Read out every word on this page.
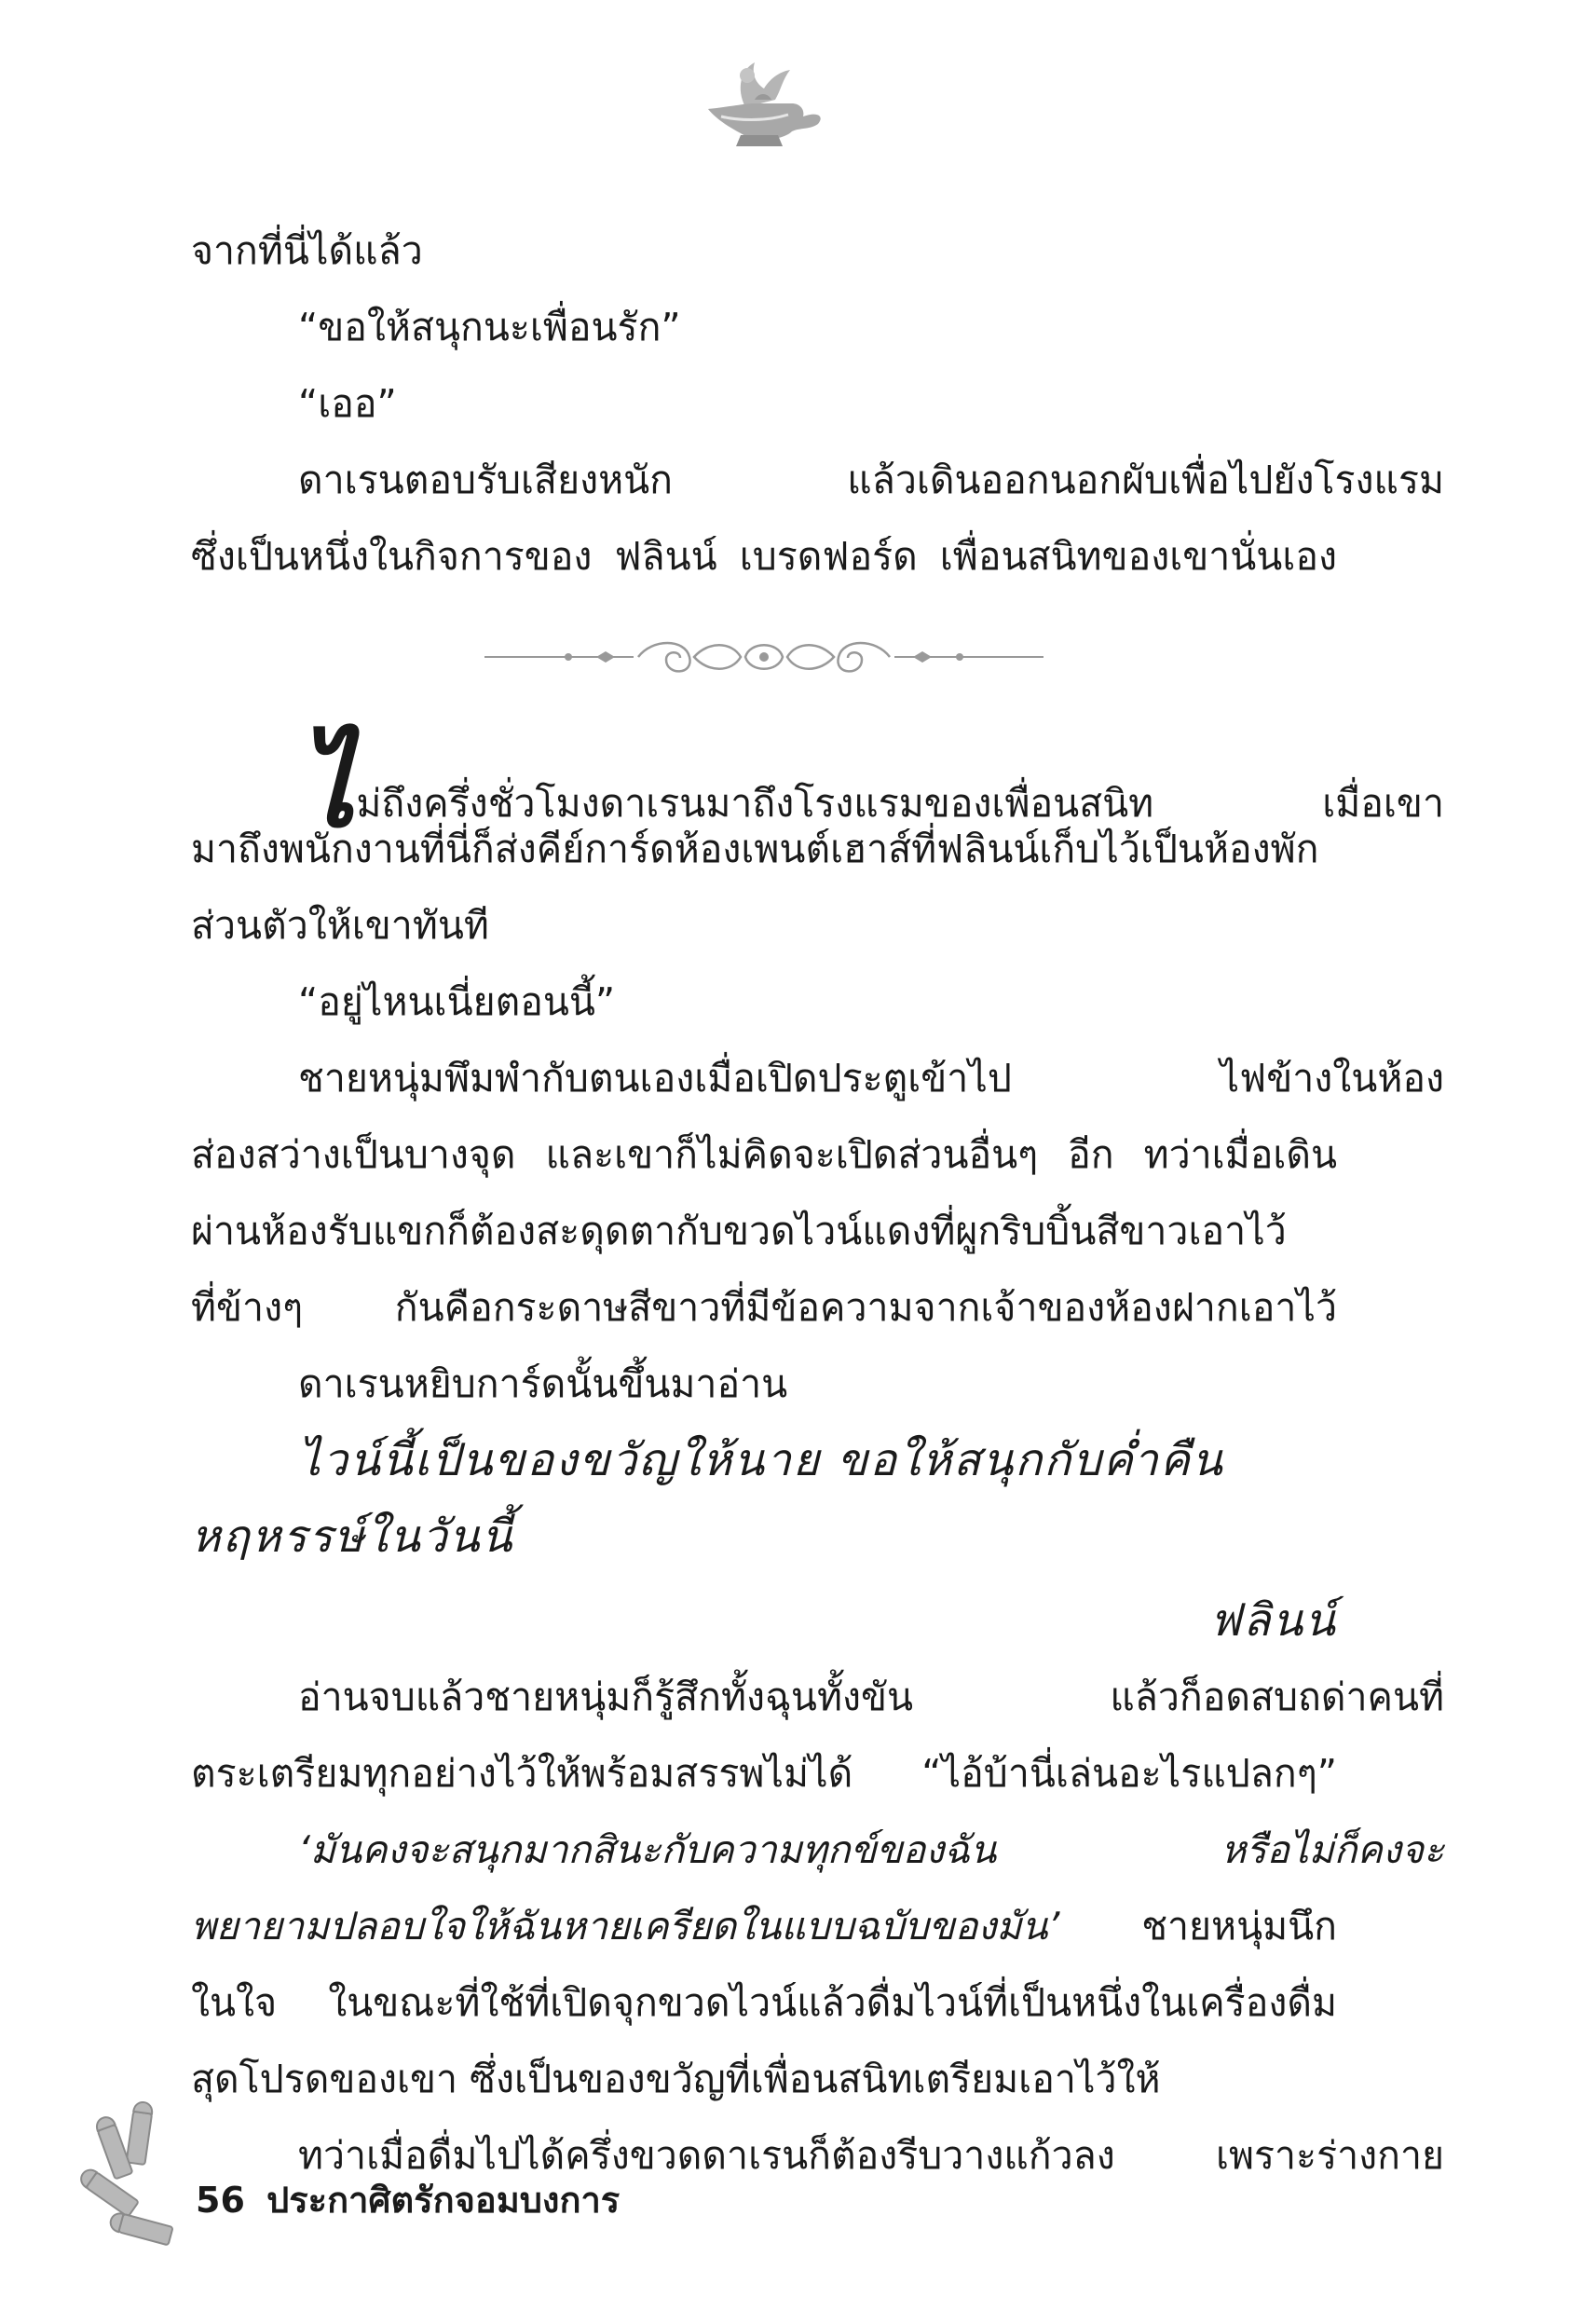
จากที่นี่ได้แล้ว
“ขอให้สนุกนะเพื่อนรัก”
“เออ”
ดาเรนตอบรับเสียงหนัก แล้วเดินออกนอกผับเพื่อไปยังโรงแรม
ซึ่งเป็นหนึ่งในกิจการของ ฟลินน์ เบรดฟอร์ด เพื่อนสนิทของเขานั่นเอง
ไม่ถึงครึ่งชั่วโมงดาเรนมาถึงโรงแรมของเพื่อนสนิท เมื่อเขา
มาถึงพนักงานที่นี่ก็ส่งคีย์การ์ดห้องเพนต์เฮาส์ที่ฟลินน์เก็บไว้เป็นห้องพัก
ส่วนตัวให้เขาทันที
“อยู่ไหนเนี่ยตอนนี้”
ชายหนุ่มพึมพำกับตนเองเมื่อเปิดประตูเข้าไป ไฟข้างในห้อง
ส่องสว่างเป็นบางจุด และเขาก็ไม่คิดจะเปิดส่วนอื่นๆ อีก ทว่าเมื่อเดิน
ผ่านห้องรับแขกก็ต้องสะดุดตากับขวดไวน์แดงที่ผูกริบบิ้นสีขาวเอาไว้
ที่ข้างๆ กันคือกระดาษสีขาวที่มีข้อความจากเจ้าของห้องฝากเอาไว้
ดาเรนหยิบการ์ดนั้นขึ้นมาอ่าน
ไวน์นี้เป็นของขวัญให้นาย ขอให้สนุกกับค่ำคืน
หฤหรรษ์ในวันนี้
ฟลินน์
อ่านจบแล้วชายหนุ่มก็รู้สึกทั้งฉุนทั้งขัน แล้วก็อดสบถด่าคนที่
ตระเตรียมทุกอย่างไว้ให้พร้อมสรรพไม่ได้ “ไอ้บ้านี่เล่นอะไรแปลกๆ”
‘มันคงจะสนุกมากสินะกับความทุกข์ของฉัน หรือไม่ก็คงจะ
พยายามปลอบใจให้ฉันหายเครียดในแบบฉบับของมัน’ ชายหนุ่มนึก
ในใจ ในขณะที่ใช้ที่เปิดจุกขวดไวน์แล้วดื่มไวน์ที่เป็นหนึ่งในเครื่องดื่ม
สุดโปรดของเขา ซึ่งเป็นของขวัญที่เพื่อนสนิทเตรียมเอาไว้ให้
ทว่าเมื่อดื่มไปได้ครึ่งขวดดาเรนก็ต้องรีบวางแก้วลง เพราะร่างกาย
56 ประกาศิตรักจอมบงการ
